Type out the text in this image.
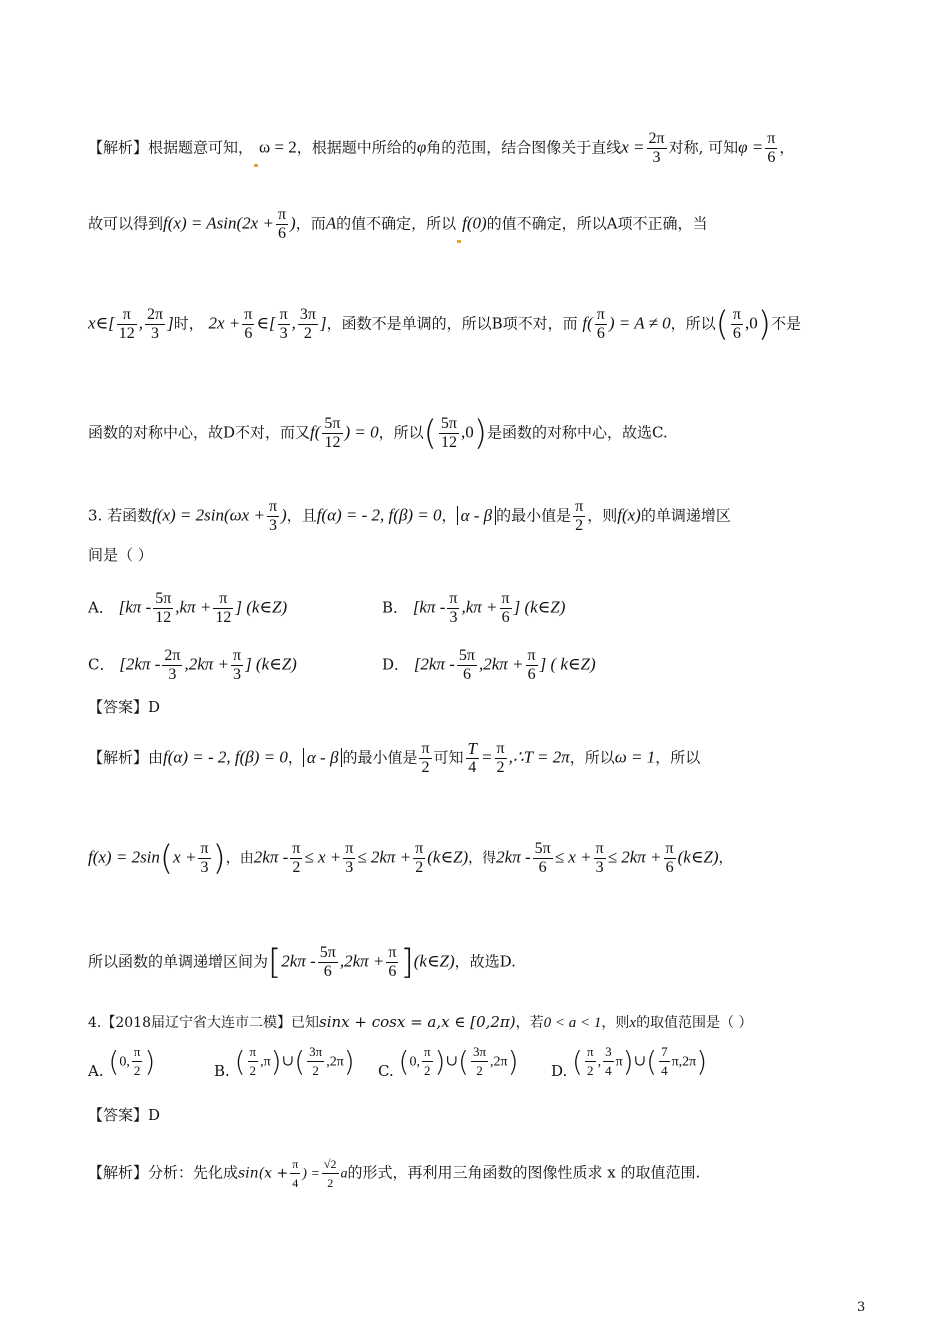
【解析】根据题意可知， ω = 2，根据题中所给的φ角的范围，结合图像关于直线$x = \frac{2\pi}{3}$ 对称, 可知$\varphi = \frac{\pi}{6}$ ，
故可以得到$f(x) = Asin(2x + \frac{\pi}{6}$ )，而A的值不确定，所以 f(0)的值不确定，所以A项不正确，当
x∈[ $\frac{\pi}{12}$ , $\frac{2\pi}{3}$ ]时， $2x + \frac{\pi}{6}$ ∈[ $\frac{\pi}{3}$ , $\frac{3\pi}{2}$ ]，函数不是单调的，所以B项不对，而 $f( \frac{\pi}{6}$ ) = A ≠ 0，所以( $\frac{\pi}{6} ,0$)不是
函数的对称中心，故D不对，而又$f( \frac{5\pi}{12}$ ) = 0，所以( $\frac{5\pi}{12} ,0$)是函数的对称中心，故选C.
3. 若函数$f(x) = 2\sin(\omega x + \frac{\pi}{3}$ )，且f(α) = - 2, f(β) = 0， α - β 的最小值是 $\frac{\pi}{2}$ ，则f(x)的单调递增区
间是（ ）
A． [$k\pi - \frac{5\pi}{12} ,k\pi + \frac{\pi}{12}$ ] (k∈Z)	B． [$k\pi - \frac{\pi}{3} ,k\pi + \frac{\pi}{6}$ ] (k∈Z)
C． [$2k\pi - \frac{2\pi}{3} ,2k\pi + \frac{\pi}{3}$ ] (k∈Z)	D． [$2k\pi - \frac{5\pi}{6} ,2k\pi + \frac{\pi}{6}$ ] ( k∈Z)
【答案】D
【解析】由f(α) = - 2, f(β) = 0， α - β 的最小值是 $\frac{\pi}{2}$ 可知 $\frac{T}{4} = \frac{\pi}{2}$ ,∴T = 2π，所以ω = 1，所以
$f(x) = 2\sin(x + \frac{\pi}{3}$ )，由$2k\pi - \frac{\pi}{2} \le x + \frac{\pi}{3} \le 2k\pi + \frac{\pi}{2}$ (k∈Z)，得$2k\pi - \frac{5\pi}{6} \le x + \frac{\pi}{3} \le 2k\pi + \frac{\pi}{6}$ (k∈Z)，
所以函数的单调递增区间为[$2k\pi - \frac{5\pi}{6} ,2k\pi + \frac{\pi}{6}$ ](k∈Z)，故选D.
4.【2018届辽宁省大连市二模】已知sinx + cosx = a,x ∈ [0,2π)，若0 < a < 1，则x的取值范围是（ ）
A. (0, $\frac{\pi}{2}$ )	B. ( $\frac{\pi}{2}$ ,π)∪( $\frac{3\pi}{2} ,2\pi$) C. (0, $\frac{\pi}{2}$ )∪( $\frac{3\pi}{2} ,2\pi$) D. ( $\frac{\pi}{2}$ , $\frac{3}{4}$ π)∪( $\frac{7}{4} \pi,2\pi$)
【答案】D
【解析】分析：先化成$\sin(x + \frac{\pi}{4}$ ) = $\frac{√2}{2}$ a的形式，再利用三角函数的图像性质求 x 的取值范围.
3
